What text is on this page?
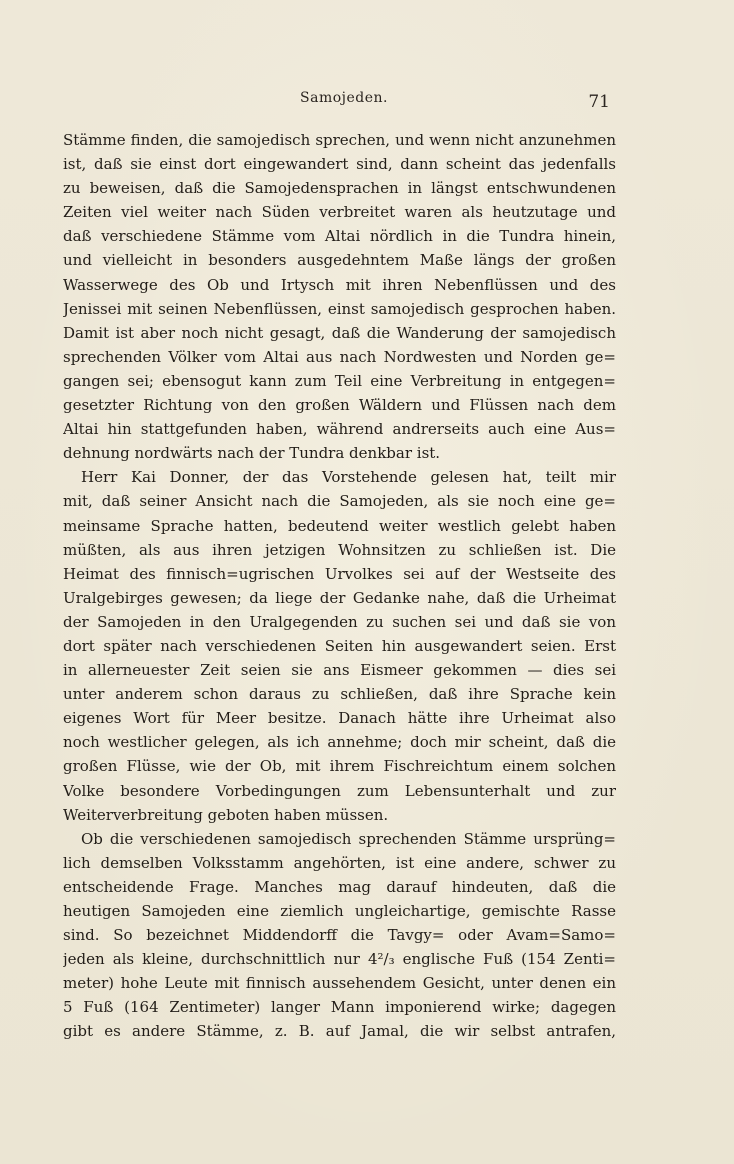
Samojeden.	71
Stämme finden, die samojedisch sprechen, und wenn nicht anzunehmen
ist, daß sie einst dort eingewandert sind, dann scheint das jedenfalls
zu beweisen, daß die Samojedensprachen in längst entschwundenen
Zeiten viel weiter nach Süden verbreitet waren als heutzutage und
daß verschiedene Stämme vom Altai nördlich in die Tundra hinein,
und vielleicht in besonders ausgedehntem Maße längs der großen
Wasserwege des Ob und Irtysch mit ihren Nebenflüssen und des
Jenissei mit seinen Nebenflüssen, einst samojedisch gesprochen haben.
Damit ist aber noch nicht gesagt, daß die Wanderung der samojedisch
sprechenden Völker vom Altai aus nach Nordwesten und Norden ge=
gangen sei; ebensogut kann zum Teil eine Verbreitung in entgegen=
gesetzter Richtung von den großen Wäldern und Flüssen nach dem
Altai hin stattgefunden haben, während andrerseits auch eine Aus=
dehnung nordwärts nach der Tundra denkbar ist.
Herr Kai Donner, der das Vorstehende gelesen hat, teilt mir
mit, daß seiner Ansicht nach die Samojeden, als sie noch eine ge=
meinsame Sprache hatten, bedeutend weiter westlich gelebt haben
müßten, als aus ihren jetzigen Wohnsitzen zu schließen ist. Die
Heimat des finnisch=ugrischen Urvolkes sei auf der Westseite des
Uralgebirges gewesen; da liege der Gedanke nahe, daß die Urheimat
der Samojeden in den Uralgegenden zu suchen sei und daß sie von
dort später nach verschiedenen Seiten hin ausgewandert seien. Erst
in allerneuester Zeit seien sie ans Eismeer gekommen — dies sei
unter anderem schon daraus zu schließen, daß ihre Sprache kein
eigenes Wort für Meer besitze. Danach hätte ihre Urheimat also
noch westlicher gelegen, als ich annehme; doch mir scheint, daß die
großen Flüsse, wie der Ob, mit ihrem Fischreichtum einem solchen
Volke besondere Vorbedingungen zum Lebensunterhalt und zur
Weiterverbreitung geboten haben müssen.
Ob die verschiedenen samojedisch sprechenden Stämme ursprüng=
lich demselben Volksstamm angehörten, ist eine andere, schwer zu
entscheidende Frage. Manches mag darauf hindeuten, daß die
heutigen Samojeden eine ziemlich ungleichartige, gemischte Rasse
sind. So bezeichnet Middendorff die Tavgy= oder Avam=Samo=
jeden als kleine, durchschnittlich nur 4²/₃ englische Fuß (154 Zenti=
meter) hohe Leute mit finnisch aussehendem Gesicht, unter denen ein
5 Fuß (164 Zentimeter) langer Mann imponierend wirke; dagegen
gibt es andere Stämme, z. B. auf Jamal, die wir selbst antrafen,
